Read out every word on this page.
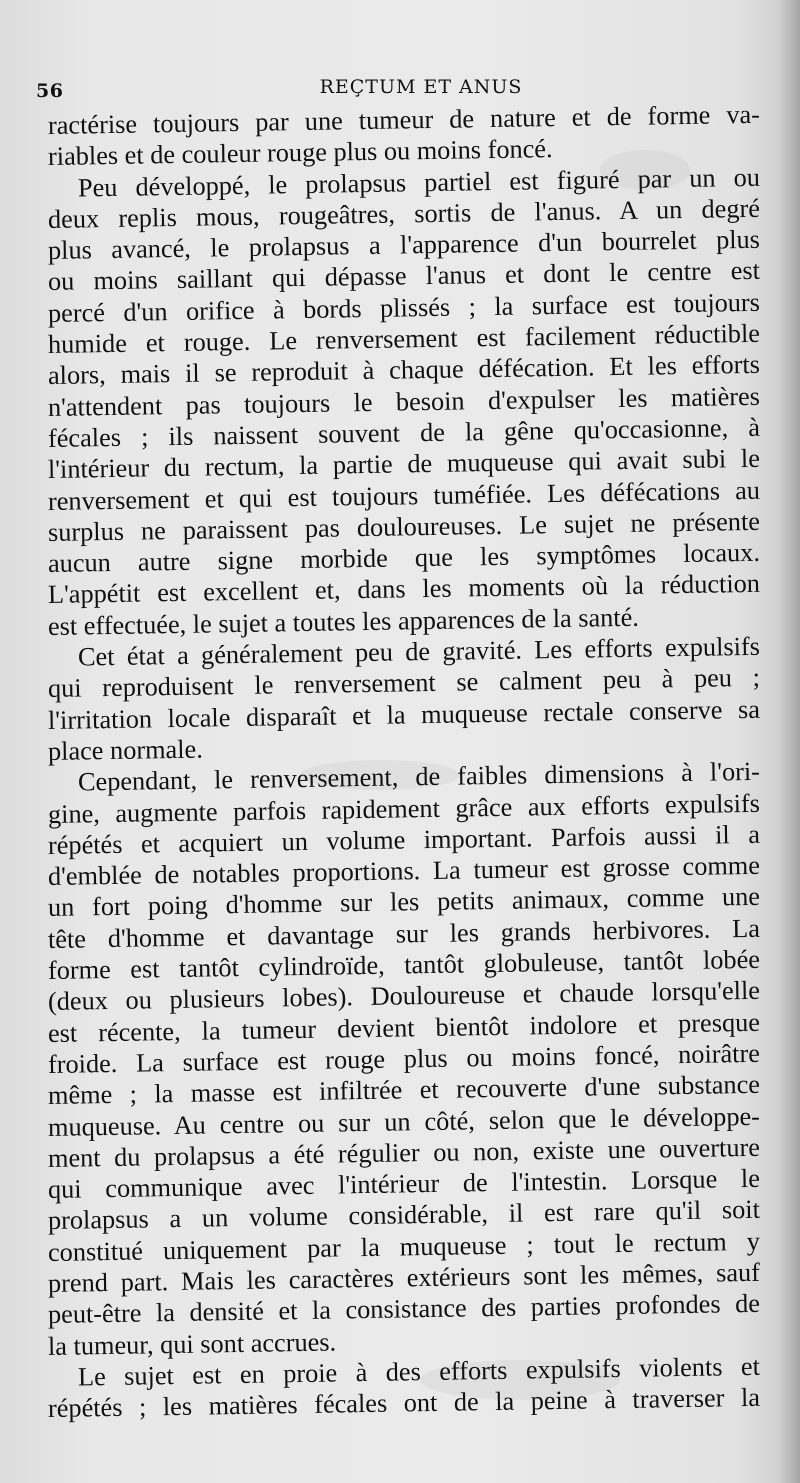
56	REÇTUM ET ANUS
ractérise toujours par une tumeur de nature et de forme va-
riables et de couleur rouge plus ou moins foncé.
Peu développé, le prolapsus partiel est figuré par un ou
deux replis mous, rougeâtres, sortis de l'anus. A un degré
plus avancé, le prolapsus a l'apparence d'un bourrelet plus
ou moins saillant qui dépasse l'anus et dont le centre est
percé d'un orifice à bords plissés ; la surface est toujours
humide et rouge. Le renversement est facilement réductible
alors, mais il se reproduit à chaque défécation. Et les efforts
n'attendent pas toujours le besoin d'expulser les matières
fécales ; ils naissent souvent de la gêne qu'occasionne, à
l'intérieur du rectum, la partie de muqueuse qui avait subi le
renversement et qui est toujours tuméfiée. Les défécations au
surplus ne paraissent pas douloureuses. Le sujet ne présente
aucun autre signe morbide que les symptômes locaux.
L'appétit est excellent et, dans les moments où la réduction
est effectuée, le sujet a toutes les apparences de la santé.
Cet état a généralement peu de gravité. Les efforts expulsifs
qui reproduisent le renversement se calment peu à peu ;
l'irritation locale disparaît et la muqueuse rectale conserve sa
place normale.
Cependant, le renversement, de faibles dimensions à l'ori-
gine, augmente parfois rapidement grâce aux efforts expulsifs
répétés et acquiert un volume important. Parfois aussi il a
d'emblée de notables proportions. La tumeur est grosse comme
un fort poing d'homme sur les petits animaux, comme une
tête d'homme et davantage sur les grands herbivores. La
forme est tantôt cylindroïde, tantôt globuleuse, tantôt lobée
(deux ou plusieurs lobes). Douloureuse et chaude lorsqu'elle
est récente, la tumeur devient bientôt indolore et presque
froide. La surface est rouge plus ou moins foncé, noirâtre
même ; la masse est infiltrée et recouverte d'une substance
muqueuse. Au centre ou sur un côté, selon que le développe-
ment du prolapsus a été régulier ou non, existe une ouverture
qui communique avec l'intérieur de l'intestin. Lorsque le
prolapsus a un volume considérable, il est rare qu'il soit
constitué uniquement par la muqueuse ; tout le rectum y
prend part. Mais les caractères extérieurs sont les mêmes, sauf
peut-être la densité et la consistance des parties profondes de
la tumeur, qui sont accrues.
Le sujet est en proie à des efforts expulsifs violents et
répétés ; les matières fécales ont de la peine à traverser la
